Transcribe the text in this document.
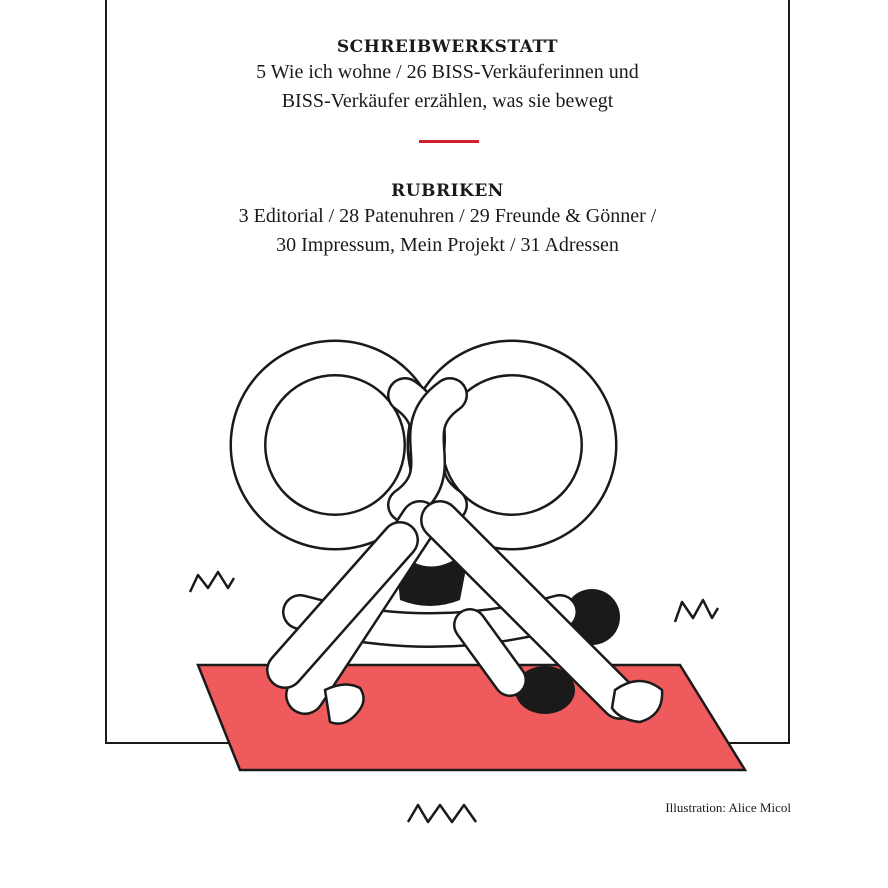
SCHREIBWERKSTATT
5 Wie ich wohne / 26 BISS-Verkäuferinnen und
BISS-Verkäufer erzählen, was sie bewegt
RUBRIKEN
3 Editorial / 28 Patenuhren / 29 Freunde & Gönner /
30 Impressum, Mein Projekt / 31 Adressen
Illustration: Alice Micol
